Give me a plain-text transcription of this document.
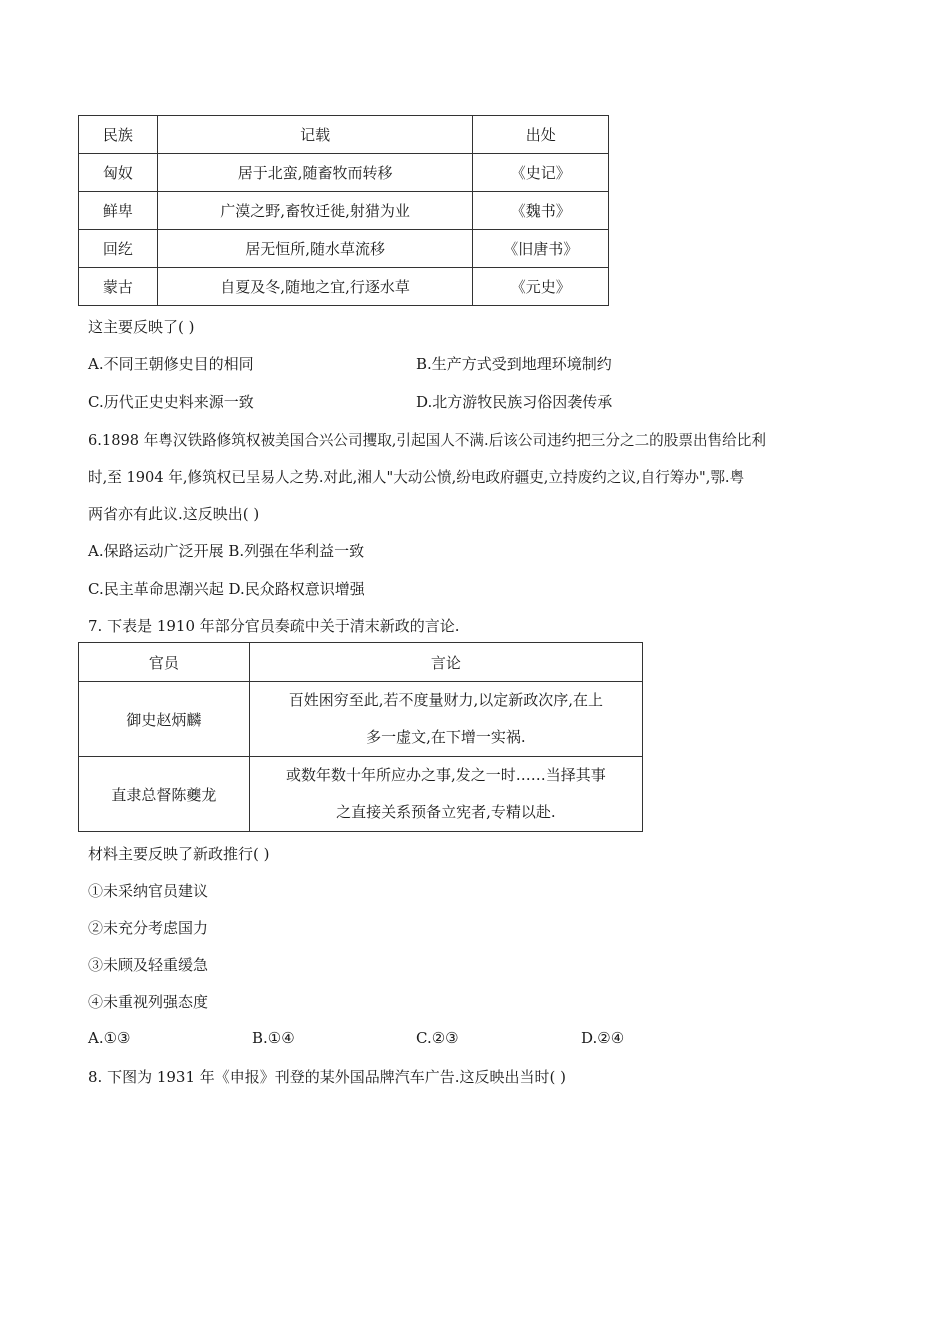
民族	记载	出处
匈奴	居于北蛮,随畜牧而转移	《史记》
鲜卑	广漠之野,畜牧迁徙,射猎为业	《魏书》
回纥	居无恒所,随水草流移	《旧唐书》
蒙古	自夏及冬,随地之宜,行逐水草	《元史》
这主要反映了( )
A.不同王朝修史目的相同	B.生产方式受到地理环境制约
C.历代正史史料来源一致	D.北方游牧民族习俗因袭传承
6.1898 年粤汉铁路修筑权被美国合兴公司攫取,引起国人不满.后该公司违约把三分之二的股票出售给比利
时,至 1904 年,修筑权已呈易人之势.对此,湘人"大动公愤,纷电政府疆吏,立持废约之议,自行筹办",鄂.粤
两省亦有此议.这反映出( )
A.保路运动广泛开展 B.列强在华利益一致
C.民主革命思潮兴起 D.民众路权意识增强
7. 下表是 1910 年部分官员奏疏中关于清末新政的言论.
官员	言论
御史赵炳麟	百姓困穷至此,若不度量财力,以定新政次序,在上
多一虚文,在下增一实祸.

直隶总督陈夔龙	或数年数十年所应办之事,发之一时……当择其事
之直接关系预备立宪者,专精以赴.
材料主要反映了新政推行( )
①未采纳官员建议
②未充分考虑国力
③未顾及轻重缓急
④未重视列强态度
A.①③	B.①④	C.②③	D.②④
8. 下图为 1931 年《申报》刊登的某外国品牌汽车广告.这反映出当时( )
